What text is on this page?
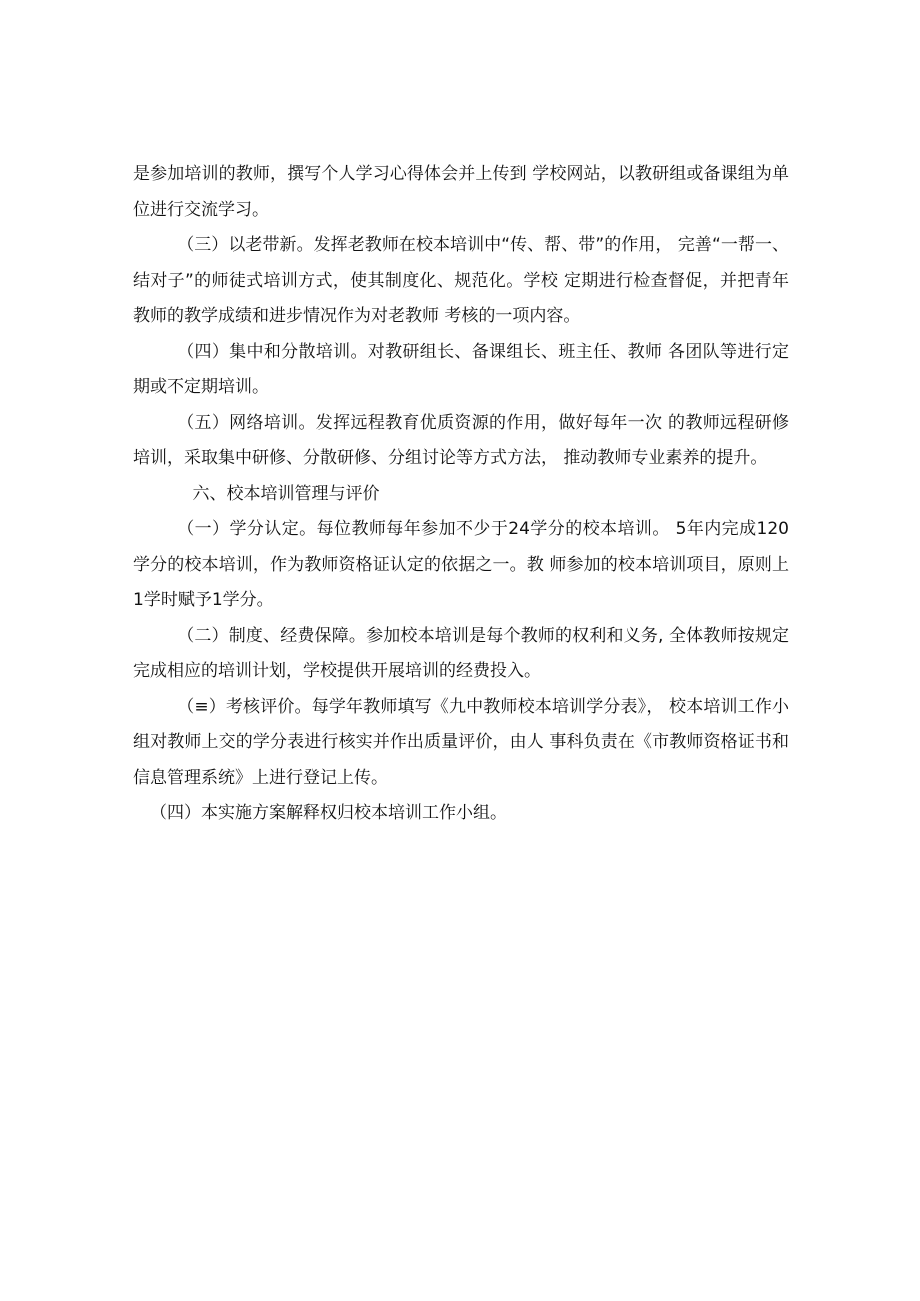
是参加培训的教师，撰写个人学习心得体会并上传到 学校网站，以教研组或备课组为单位进行交流学习。

（三）以老带新。发挥老教师在校本培训中“传、帮、带”的作用， 完善“一帮一、结对子”的师徒式培训方式，使其制度化、规范化。学校 定期进行检查督促，并把青年教师的教学成绩和进步情况作为对老教师 考核的一项内容。

（四）集中和分散培训。对教研组长、备课组长、班主任、教师 各团队等进行定期或不定期培训。

（五）网络培训。发挥远程教育优质资源的作用，做好每年一次 的教师远程研修培训，采取集中研修、分散研修、分组讨论等方式方法， 推动教师专业素养的提升。

六、校本培训管理与评价

（一）学分认定。每位教师每年参加不少于24学分的校本培训。 5年内完成120学分的校本培训，作为教师资格证认定的依据之一。教 师参加的校本培训项目，原则上1学时赋予1学分。

（二）制度、经费保障。参加校本培训是每个教师的权利和义务, 全体教师按规定完成相应的培训计划，学校提供开展培训的经费投入。

（≡）考核评价。每学年教师填写《九中教师校本培训学分表》， 校本培训工作小组对教师上交的学分表进行核实并作出质量评价，由人 事科负责在《市教师资格证书和信息管理系统》上进行登记上传。

（四）本实施方案解释权归校本培训工作小组。
